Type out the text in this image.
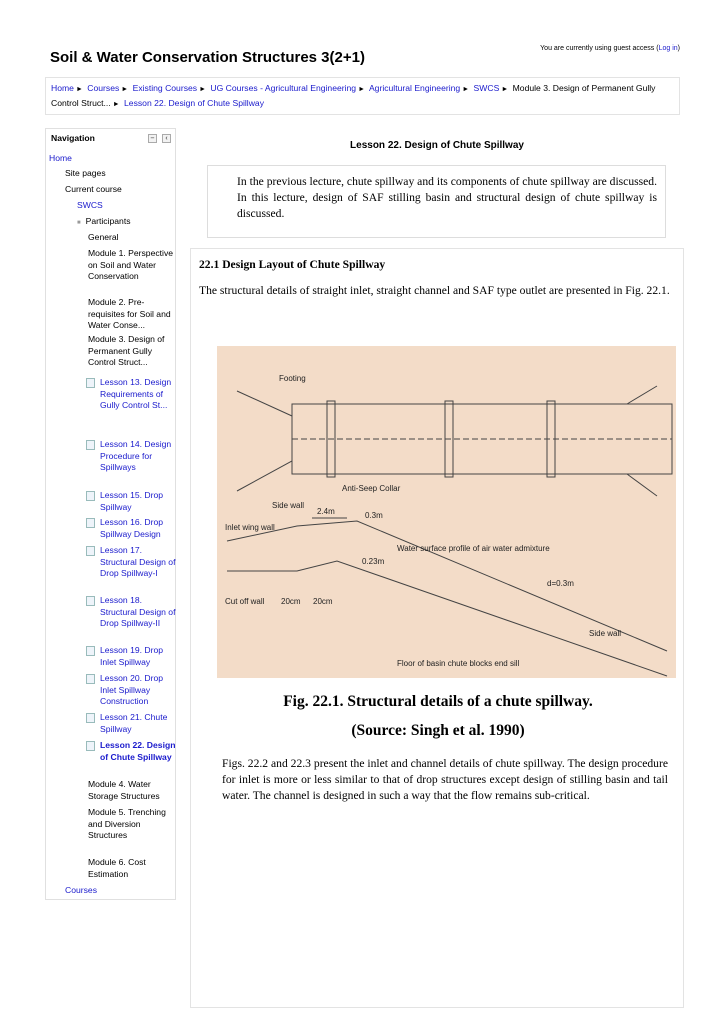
Soil & Water Conservation Structures 3(2+1)
You are currently using guest access (Log in)
Home ► Courses ► Existing Courses ► UG Courses - Agricultural Engineering ► Agricultural Engineering ► SWCS ► Module 3. Design of Permanent Gully Control Struct... ► Lesson 22. Design of Chute Spillway
Navigation	–	‹
Home
Site pages
Current course
SWCS
■ Participants
General
Module 1. Perspective on Soil and Water Conservation
Module 2. Pre-requisites for Soil and Water Conse...
Module 3. Design of Permanent Gully Control Struct...
Lesson 13. Design Requirements of Gully Control St...
Lesson 14. Design Procedure for Spillways
Lesson 15. Drop Spillway
Lesson 16. Drop Spillway Design
Lesson 17. Structural Design of Drop Spillway-I
Lesson 18. Structural Design of Drop Spillway-II
Lesson 19. Drop Inlet Spillway
Lesson 20. Drop Inlet Spillway Construction
Lesson 21. Chute Spillway
Lesson 22. Design of Chute Spillway
Module 4. Water Storage Structures
Module 5. Trenching and Diversion Structures
Module 6. Cost Estimation
Courses
Lesson 22. Design of Chute Spillway
In the previous lecture, chute spillway and its components of chute spillway are discussed. In this lecture, design of SAF stilling basin and structural design of chute spillway is discussed.
22.1 Design Layout of Chute Spillway
The structural details of straight inlet, straight channel and SAF type outlet are presented in Fig. 22.1.
Footing
Anti-Seep Collar
Side wall
Inlet wing wall
Water surface profile of air water admixture
d=0.3m
Floor of basin chute blocks end sill
Side wall
Cut off wall 20cm 20cm
0.3m
0.23m
2.4m
Fig. 22.1. Structural details of a chute spillway.
(Source: Singh et al. 1990)
Figs. 22.2 and 22.3 present the inlet and channel details of chute spillway. The design procedure for inlet is more or less similar to that of drop structures except design of stilling basin and tail water. The channel is designed in such a way that the flow remains sub-critical.
